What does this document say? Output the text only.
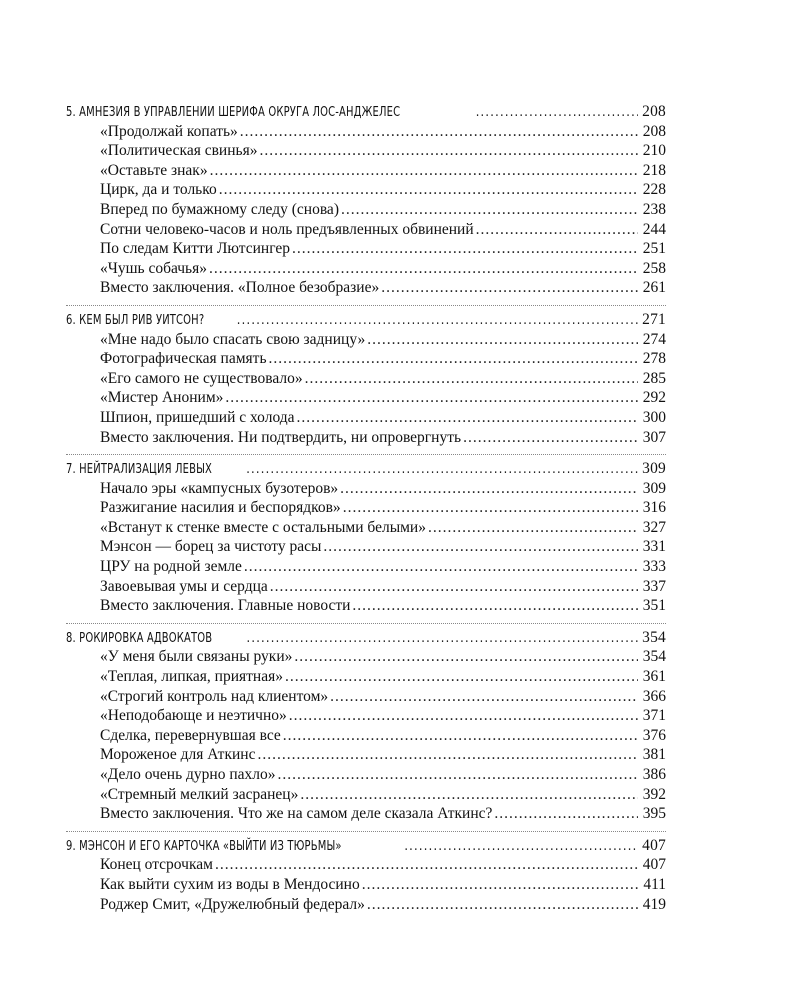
5. АМНЕЗИЯ В УПРАВЛЕНИИ ШЕРИФА ОКРУГА ЛОС-АНДЖЕЛЕС .....	208
«Продолжай копать» .....	208
«Политическая свинья» .....	210
«Оставьте знак» .....	218
Цирк, да и только .....	228
Вперед по бумажному следу (снова) .....	238
Сотни человеко-часов и ноль предъявленных обвинений .....	244
По следам Китти Лютсингер .....	251
«Чушь собачья» .....	258
Вместо заключения. «Полное безобразие» .....	261
6. КЕМ БЫЛ РИВ УИТСОН? .....	271
«Мне надо было спасать свою задницу» .....	274
Фотографическая память .....	278
«Его самого не существовало» .....	285
«Мистер Аноним» .....	292
Шпион, пришедший с холода .....	300
Вместо заключения. Ни подтвердить, ни опровергнуть .....	307
7. НЕЙТРАЛИЗАЦИЯ ЛЕВЫХ .....	309
Начало эры «кампусных бузотеров» .....	309
Разжигание насилия и беспорядков» .....	316
«Встанут к стенке вместе с остальными белыми» .....	327
Мэнсон — борец за чистоту расы .....	331
ЦРУ на родной земле .....	333
Завоевывая умы и сердца .....	337
Вместо заключения. Главные новости .....	351
8. РОКИРОВКА АДВОКАТОВ .....	354
«У меня были связаны руки» .....	354
«Теплая, липкая, приятная» .....	361
«Строгий контроль над клиентом» .....	366
«Неподобающе и неэтично» .....	371
Сделка, перевернувшая все .....	376
Мороженое для Аткинс .....	381
«Дело очень дурно пахло» .....	386
«Стремный мелкий засранец» .....	392
Вместо заключения. Что же на самом деле сказала Аткинс? .....	395
9. МЭНСОН И ЕГО КАРТОЧКА «ВЫЙТИ ИЗ ТЮРЬМЫ» .....	407
Конец отсрочкам .....	407
Как выйти сухим из воды в Мендосино .....	411
Роджер Смит, «Дружелюбный федерал» .....	419
